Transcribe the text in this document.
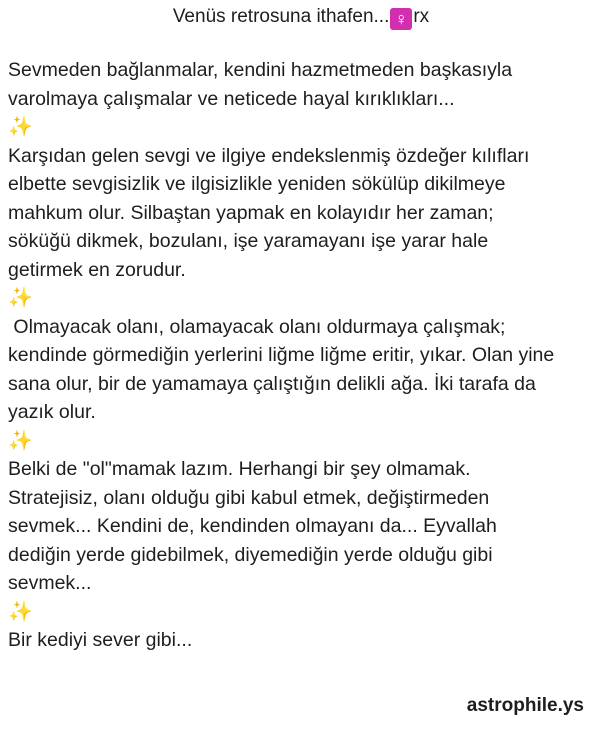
Venüs retrosuna ithafen... ♀ rx

Sevmeden bağlanmalar, kendini hazmetmeden başkasıyla
varolmaya çalışmalar ve neticede hayal kırıklıkları...

✨

Karşıdan gelen sevgi ve ilgiye endekslenmiş özdeğer kılıfları
elbette sevgisizlik ve ilgisizlikle yeniden sökülüp dikilmeye
mahkum olur. Silbaştan yapmak en kolayıdır her zaman;
söküğü dikmek, bozulanı, işe yaramayanı işe yarar hale
getirmek en zorudur.

✨

Olmayacak olanı, olamayacak olanı oldurmaya çalışmak;
kendinde görmediğin yerlerini liğme liğme eritir, yıkar. Olan yine
sana olur, bir de yamamaya çalıştığın delikli ağa. İki tarafa da
yazık olur.

✨

Belki de "ol"mamak lazım. Herhangi bir şey olmamak.
Stratejisiz, olanı olduğu gibi kabul etmek, değiştirmeden
sevmek... Kendini de, kendinden olmayanı da... Eyvallah
dediğin yerde gidebilmek, diyemediğin yerde olduğu gibi
sevmek...

✨

Bir kediyi sever gibi...

astrophile.ys
